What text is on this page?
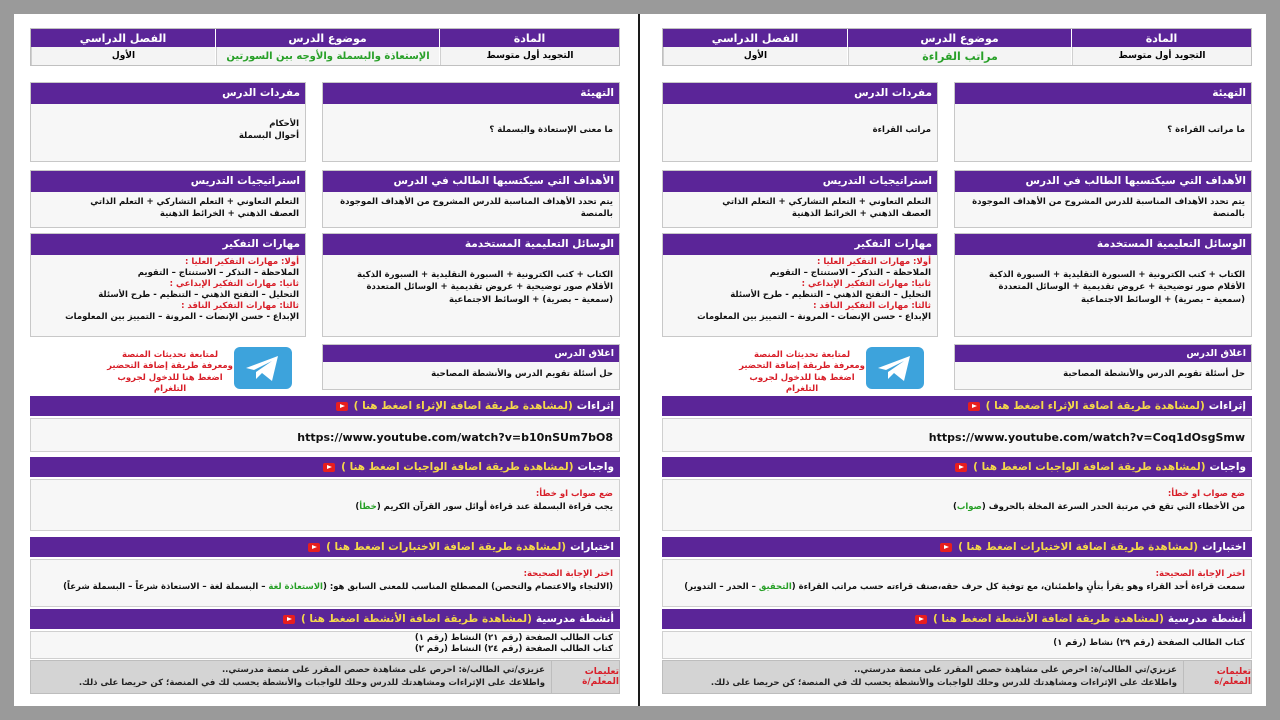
المادة
التجويد أول متوسط
موضوع الدرس
مراتب القراءة
الفصل الدراسي
الأول
التهيئة
ما مراتب القراءة ؟
مفردات الدرس
مراتب القراءة
الأهداف التي سيكتسبها الطالب في الدرس
يتم تحدد الأهداف المناسبة للدرس المشروح من الأهداف الموجودة بالمنصة
استراتيجيات التدريس
التعلم التعاوني + التعلم التشاركي + التعلم الذاتي
العصف الذهني + الخرائط الذهنية
الوسائل التعليمية المستخدمة
الكتاب + كتب الكترونية + السبورة التقليدية + السبورة الذكية
الأقلام صور توضيحية + عروض تقديمية + الوسائل المتعددة
(سمعية – بصرية) + الوسائط الاجتماعية
مهارات التفكير
أولا: مهارات التفكير العليا :
الملاحظة – التذكر – الاستنتاج – التقويم
ثانيا: مهارات التفكير الإبداعي :
التحليل – التفتح الذهني – التنظيم - طرح الأسئلة
ثالثا: مهارات التفكير الناقد :
الإبداع - حسن الإنصات - المرونة – التمييز بين المعلومات
اغلاق الدرس
حل أسئلة تقويم الدرس والأنشطة المصاحبة
لمتابعة تحديثات المنصة
ومعرفة طريقة إضافة التحضير
اضغط هنا للدخول لجروب التلغرام
إثراءات
(لمشاهدة طريقة اضافة الإثراء اضغط هنا )
https://www.youtube.com/watch?v=Coq1dOsgSmw
واجبات
(لمشاهدة طريقة اضافة الواجبات اضغط هنا )
ضع صواب او خطأ:
من الأخطاء التي تقع في مرتبة الحدر السرعة المخلة بالحروف (صواب)
اختبارات
(لمشاهدة طريقة اضافة الاختبارات اضغط هنا )
اختر الإجابة الصحيحة:
سمعت قراءة أحد القراء وهو يقرأ بتأنٍ واطمئنان، مع توفية كل حرف حقه،صنف قراءته حسب مراتب القراءة (التحقيق – الحدر – التدوير)
أنشطة مدرسية
(لمشاهدة طريقة اضافة الأنشطة اضغط هنا )
كتاب الطالب الصفحة (رقم ٢٩) نشاط (رقم ١)
تعليمات المعلم/ة
عزيزي/تي الطالب/ة: احرص على مشاهدة حصص المقرر على منصة مدرستي..
واطلاعك على الإثراءات ومشاهدتك للدرس وحلك للواجبات والأنشطة يحسب لك في المنصة؛ كن حريصا على ذلك.
المادة
التجويد أول متوسط
موضوع الدرس
الإستعاذة والبسملة والأوجه بين السورتين
الفصل الدراسي
الأول
التهيئة
ما معنى الإستعاذة والبسملة ؟
مفردات الدرس
الأحكام
أحوال البسملة
الأهداف التي سيكتسبها الطالب في الدرس
يتم تحدد الأهداف المناسبة للدرس المشروح من الأهداف الموجودة بالمنصة
استراتيجيات التدريس
التعلم التعاوني + التعلم التشاركي + التعلم الذاتي
العصف الذهني + الخرائط الذهنية
الوسائل التعليمية المستخدمة
الكتاب + كتب الكترونية + السبورة التقليدية + السبورة الذكية
الأقلام صور توضيحية + عروض تقديمية + الوسائل المتعددة
(سمعية – بصرية) + الوسائط الاجتماعية
مهارات التفكير
أولا: مهارات التفكير العليا :
الملاحظة – التذكر – الاستنتاج – التقويم
ثانيا: مهارات التفكير الإبداعي :
التحليل – التفتح الذهني – التنظيم - طرح الأسئلة
ثالثا: مهارات التفكير الناقد :
الإبداع - حسن الإنصات - المرونة – التمييز بين المعلومات
اغلاق الدرس
حل أسئلة تقويم الدرس والأنشطة المصاحبة
لمتابعة تحديثات المنصة
ومعرفة طريقة إضافة التحضير
اضغط هنا للدخول لجروب التلغرام
إثراءات
(لمشاهدة طريقة اضافة الإثراء اضغط هنا )
https://www.youtube.com/watch?v=b10nSUm7bO8
واجبات
(لمشاهدة طريقة اضافة الواجبات اضغط هنا )
ضع صواب او خطأ:
يجب قراءة البسملة عند قراءة أوائل سور القرآن الكريم (خطأ)
اختبارات
(لمشاهدة طريقة اضافة الاختبارات اضغط هنا )
اختر الإجابة الصحيحة:
(الالتجاء والاعتصام والتحصن) المصطلح المناسب للمعنى السابق هو: (الاستعاذة لغة – البسملة لغة – الاستعاذة شرعاً – البسملة شرعاً)
أنشطة مدرسية
(لمشاهدة طريقة اضافة الأنشطة اضغط هنا )
كتاب الطالب الصفحة (رقم ٢١) النشاط (رقم ١)
كتاب الطالب الصفحة (رقم ٢٤) النشاط (رقم ٢)
تعليمات المعلم/ة
عزيزي/تي الطالب/ة: احرص على مشاهدة حصص المقرر على منصة مدرستي..
واطلاعك على الإثراءات ومشاهدتك للدرس وحلك للواجبات والأنشطة يحسب لك في المنصة؛ كن حريصا على ذلك.
